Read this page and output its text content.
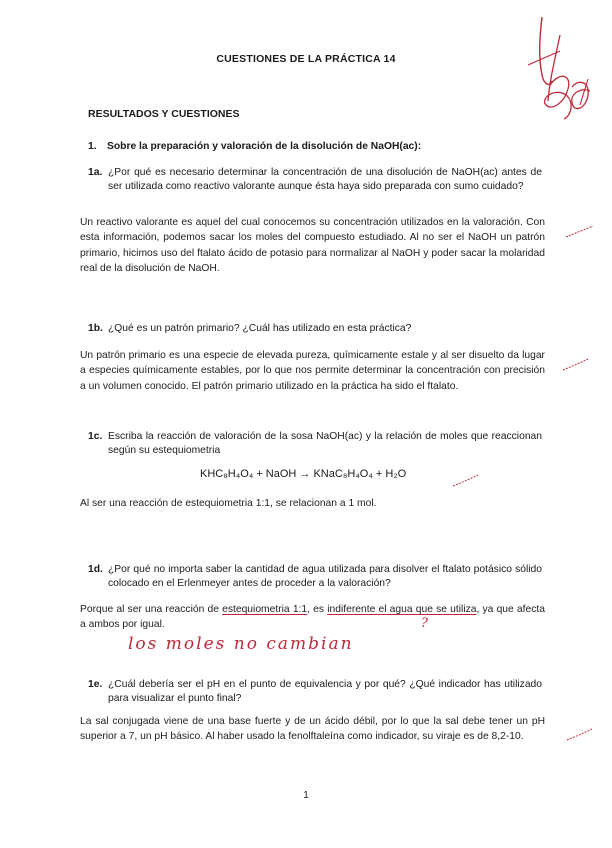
CUESTIONES DE LA PRÁCTICA 14
RESULTADOS Y CUESTIONES
1. Sobre la preparación y valoración de la disolución de NaOH(ac):
1a. ¿Por qué es necesario determinar la concentración de una disolución de NaOH(ac) antes de ser utilizada como reactivo valorante aunque ésta haya sido preparada con sumo cuidado?
Un reactivo valorante es aquel del cual conocemos su concentración utilizados en la valoración. Con esta información, podemos sacar los moles del compuesto estudiado. Al no ser el NaOH un patrón primario, hicimos uso del ftalato ácido de potasio para normalizar al NaOH y poder sacar la molaridad real de la disolución de NaOH.
1b. ¿Qué es un patrón primario? ¿Cuál has utilizado en esta práctica?
Un patrón primario es una especie de elevada pureza, químicamente estale y al ser disuelto da lugar a especies químicamente estables, por lo que nos permite determinar la concentración con precisión a un volumen conocido. El patrón primario utilizado en la práctica ha sido el ftalato.
1c. Escriba la reacción de valoración de la sosa NaOH(ac) y la relación de moles que reaccionan según su estequiometria
KHC₈H₄O₄ + NaOH → KNaC₈H₄O₄ + H₂O
Al ser una reacción de estequiometria 1:1, se relacionan a 1 mol.
1d. ¿Por qué no importa saber la cantidad de agua utilizada para disolver el ftalato potásico sólido colocado en el Erlenmeyer antes de proceder a la valoración?
Porque al ser una reacción de estequiometria 1:1, es indiferente el agua que se utiliza, ya que afecta a ambos por igual.	?
los moles no cambian
1e. ¿Cuál debería ser el pH en el punto de equivalencia y por qué? ¿Qué indicador has utilizado para visualizar el punto final?
La sal conjugada viene de una base fuerte y de un ácido débil, por lo que la sal debe tener un pH superior a 7, un pH básico. Al haber usado la fenolftaleína como indicador, su viraje es de 8,2-10.
1
